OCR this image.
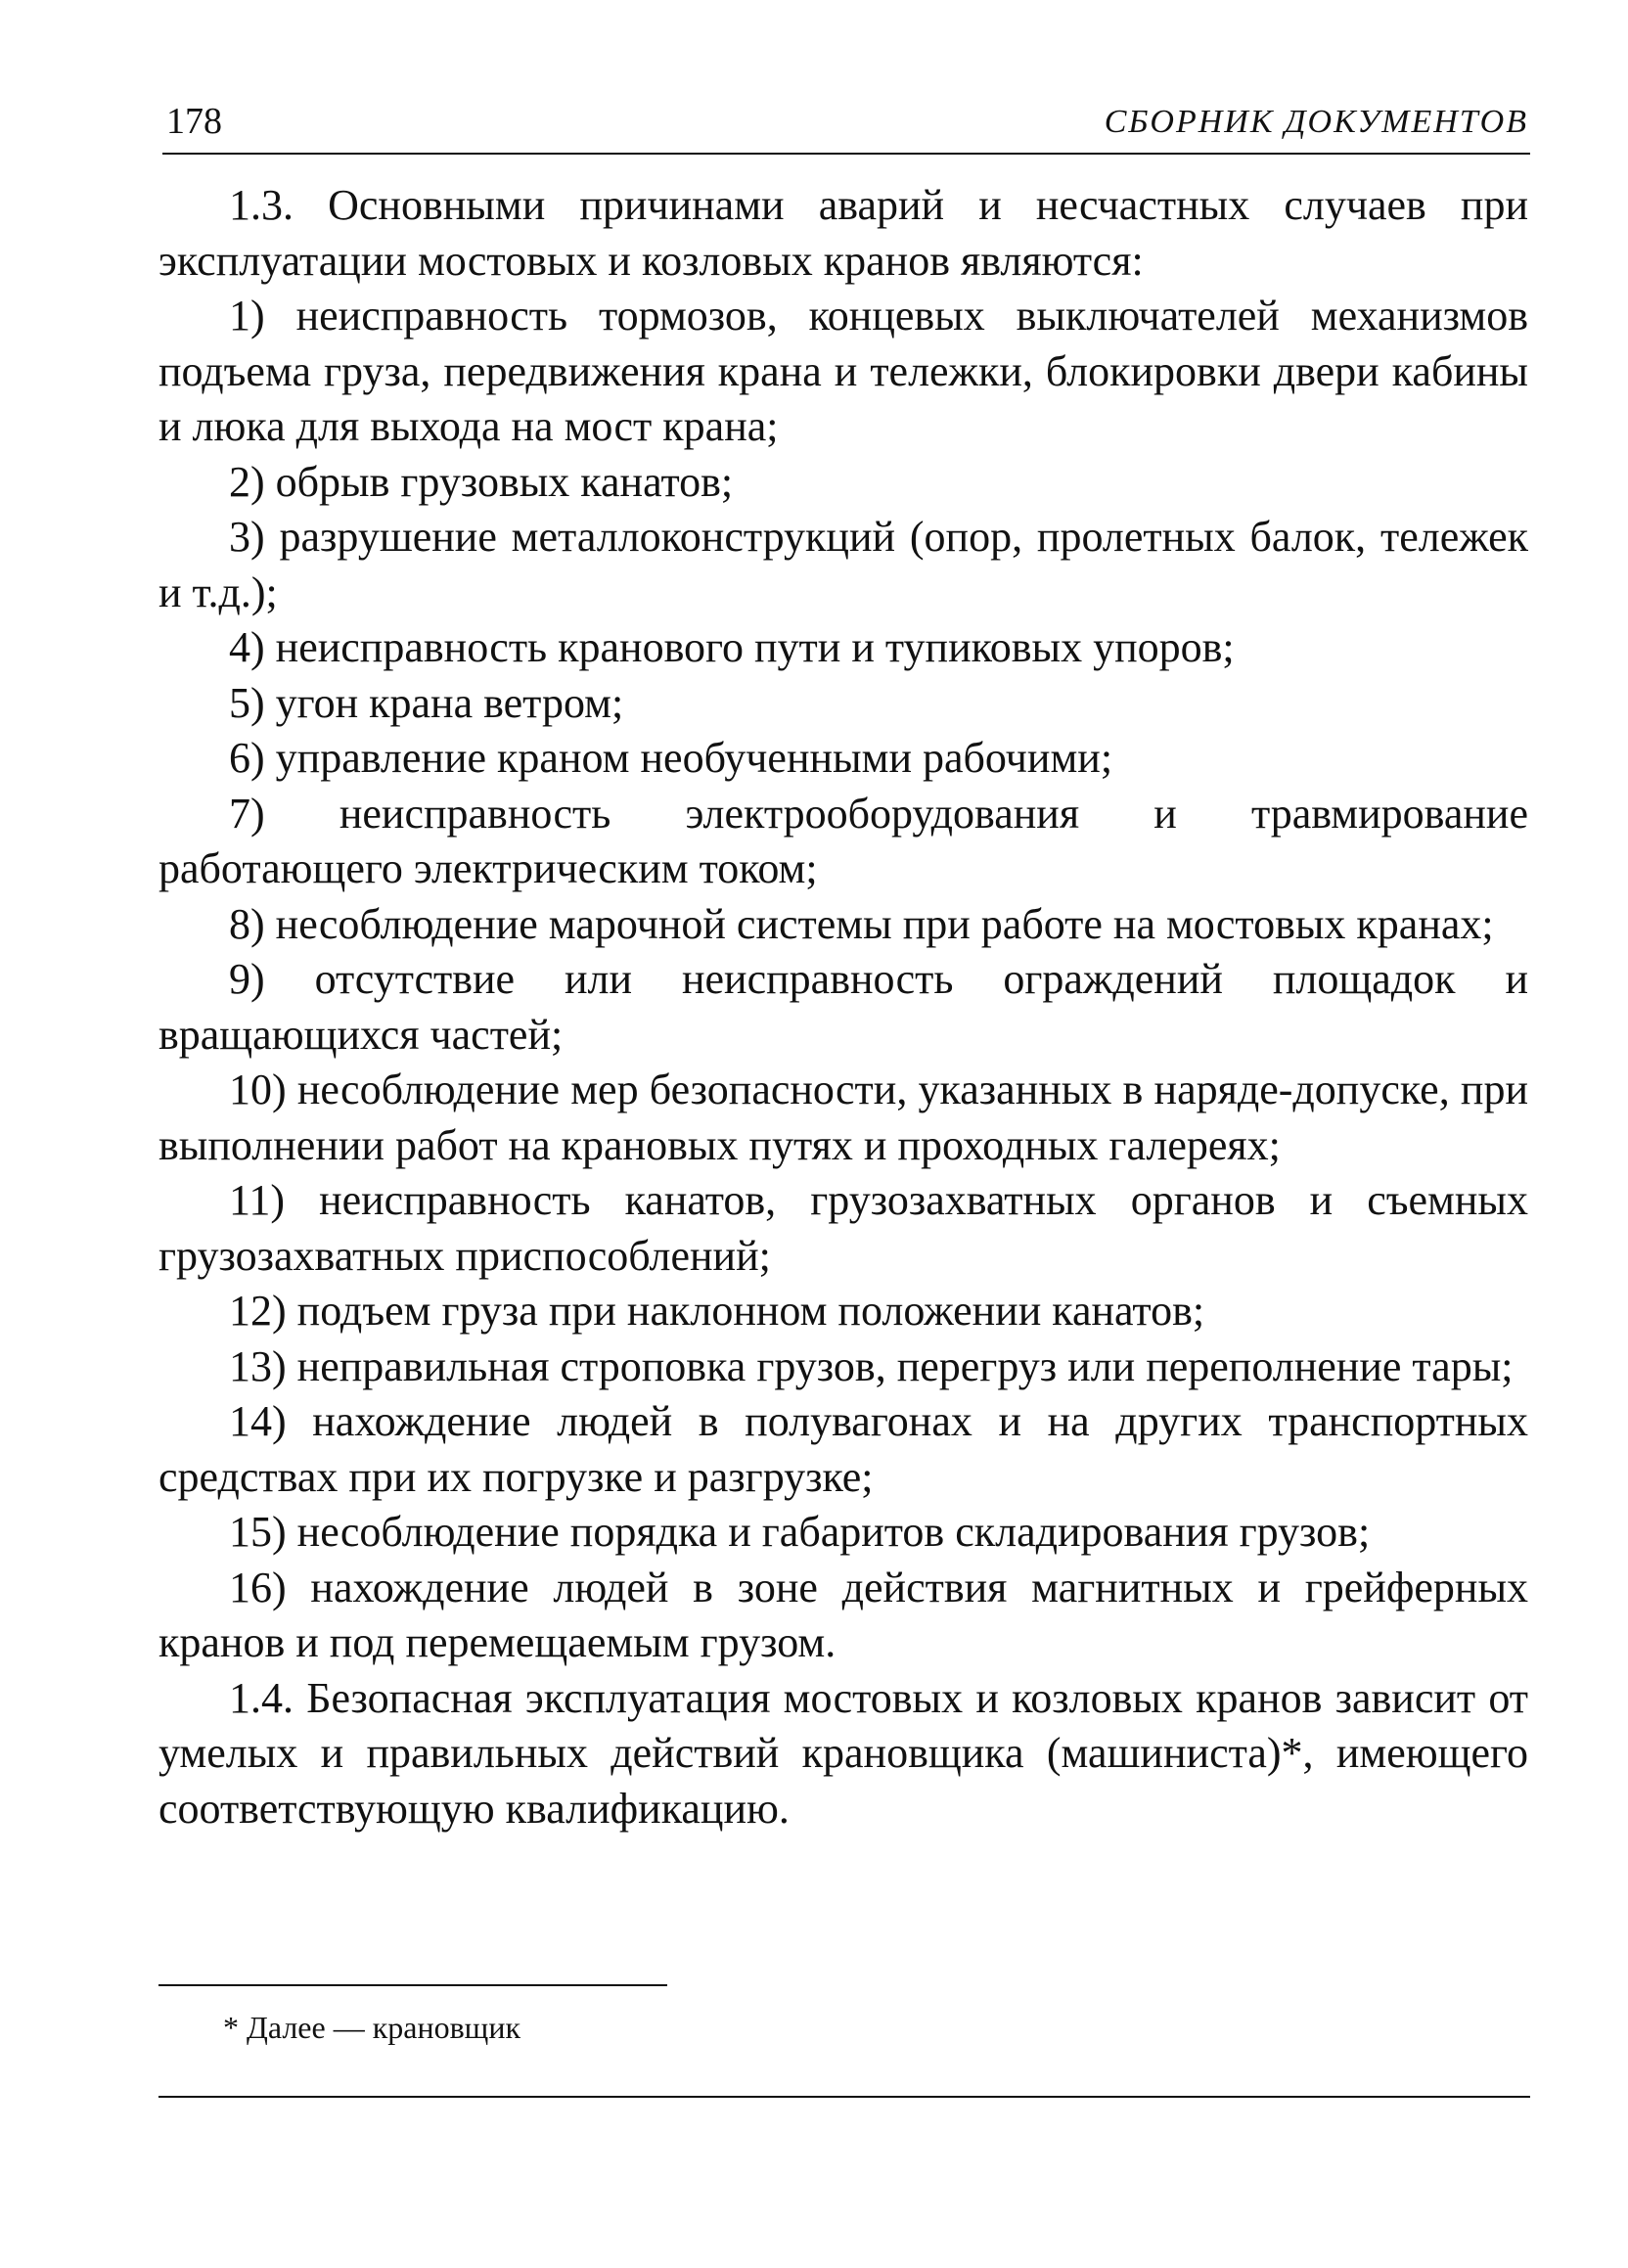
178	СБОРНИК ДОКУМЕНТОВ

1.3. Основными причинами аварий и несчастных случаев при эксплуатации мостовых и козловых кранов являются:

1) неисправность тормозов, концевых выключателей механизмов подъема груза, передвижения крана и тележки, блокировки двери кабины и люка для выхода на мост крана;

2) обрыв грузовых канатов;

3) разрушение металлоконструкций (опор, пролетных балок, тележек и т.д.);

4) неисправность кранового пути и тупиковых упоров;

5) угон крана ветром;

6) управление краном необученными рабочими;

7) неисправность электрооборудования и травмирование работающего электрическим током;

8) несоблюдение марочной системы при работе на мостовых кранах;

9) отсутствие или неисправность ограждений площадок и вращающихся частей;

10) несоблюдение мер безопасности, указанных в наряде-допуске, при выполнении работ на крановых путях и проходных галереях;

11) неисправность канатов, грузозахватных органов и съемных грузозахватных приспособлений;

12) подъем груза при наклонном положении канатов;

13) неправильная строповка грузов, перегруз или переполнение тары;

14) нахождение людей в полувагонах и на других транспортных средствах при их погрузке и разгрузке;

15) несоблюдение порядка и габаритов складирования грузов;

16) нахождение людей в зоне действия магнитных и грейферных кранов и под перемещаемым грузом.

1.4. Безопасная эксплуатация мостовых и козловых кранов зависит от умелых и правильных действий крановщика (машиниста)*, имеющего соответствующую квалификацию.

* Далее — крановщик
